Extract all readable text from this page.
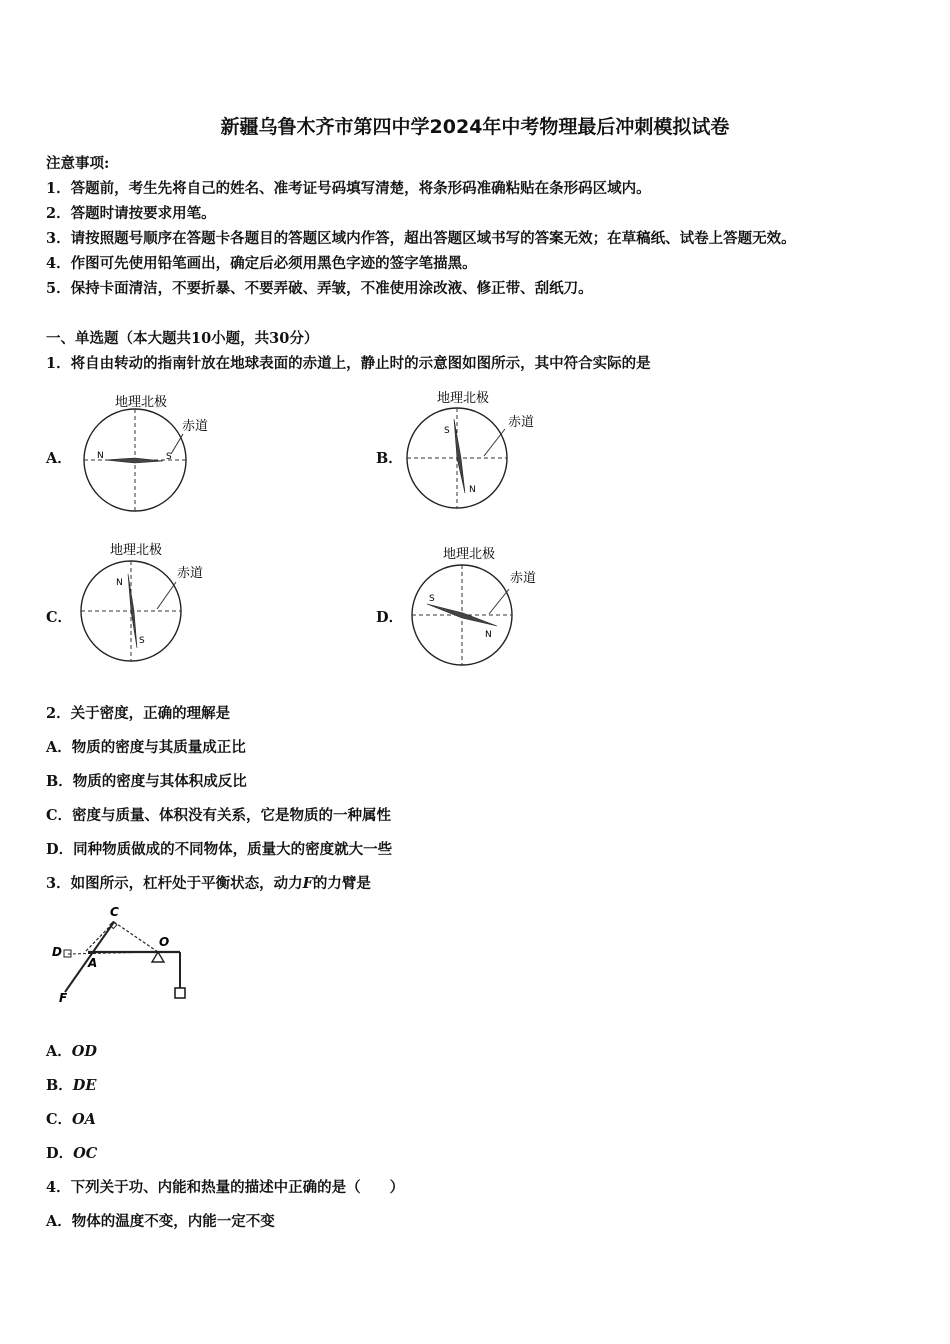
新疆乌鲁木齐市第四中学2024年中考物理最后冲刺模拟试卷
注意事项:
1．答题前，考生先将自己的姓名、准考证号码填写清楚，将条形码准确粘贴在条形码区域内。
2．答题时请按要求用笔。
3．请按照题号顺序在答题卡各题目的答题区域内作答，超出答题区域书写的答案无效；在草稿纸、试卷上答题无效。
4．作图可先使用铅笔画出，确定后必须用黑色字迹的签字笔描黑。
5．保持卡面清洁，不要折暴、不要弄破、弄皱，不准使用涂改液、修正带、刮纸刀。
一、单选题（本大题共10小题，共30分）
1．将自由转动的指南针放在地球表面的赤道上，静止时的示意图如图所示，其中符合实际的是
A．
地理北极
赤道
N	S	B．
地理北极
赤道
S
N
C．
地理北极
赤道
N
S
D．
地理北极
赤道
S
N
2．关于密度，正确的理解是
A．物质的密度与其质量成正比
B．物质的密度与其体积成反比
C．密度与质量、体积没有关系，它是物质的一种属性
D．同种物质做成的不同物体，质量大的密度就大一些
3．如图所示，杠杆处于平衡状态，动力F的力臂是
C
D
A
O
F
A．OD
B．DE
C．OA
D．OC
4．下列关于功、内能和热量的描述中正确的是（　　）
A．物体的温度不变，内能一定不变
